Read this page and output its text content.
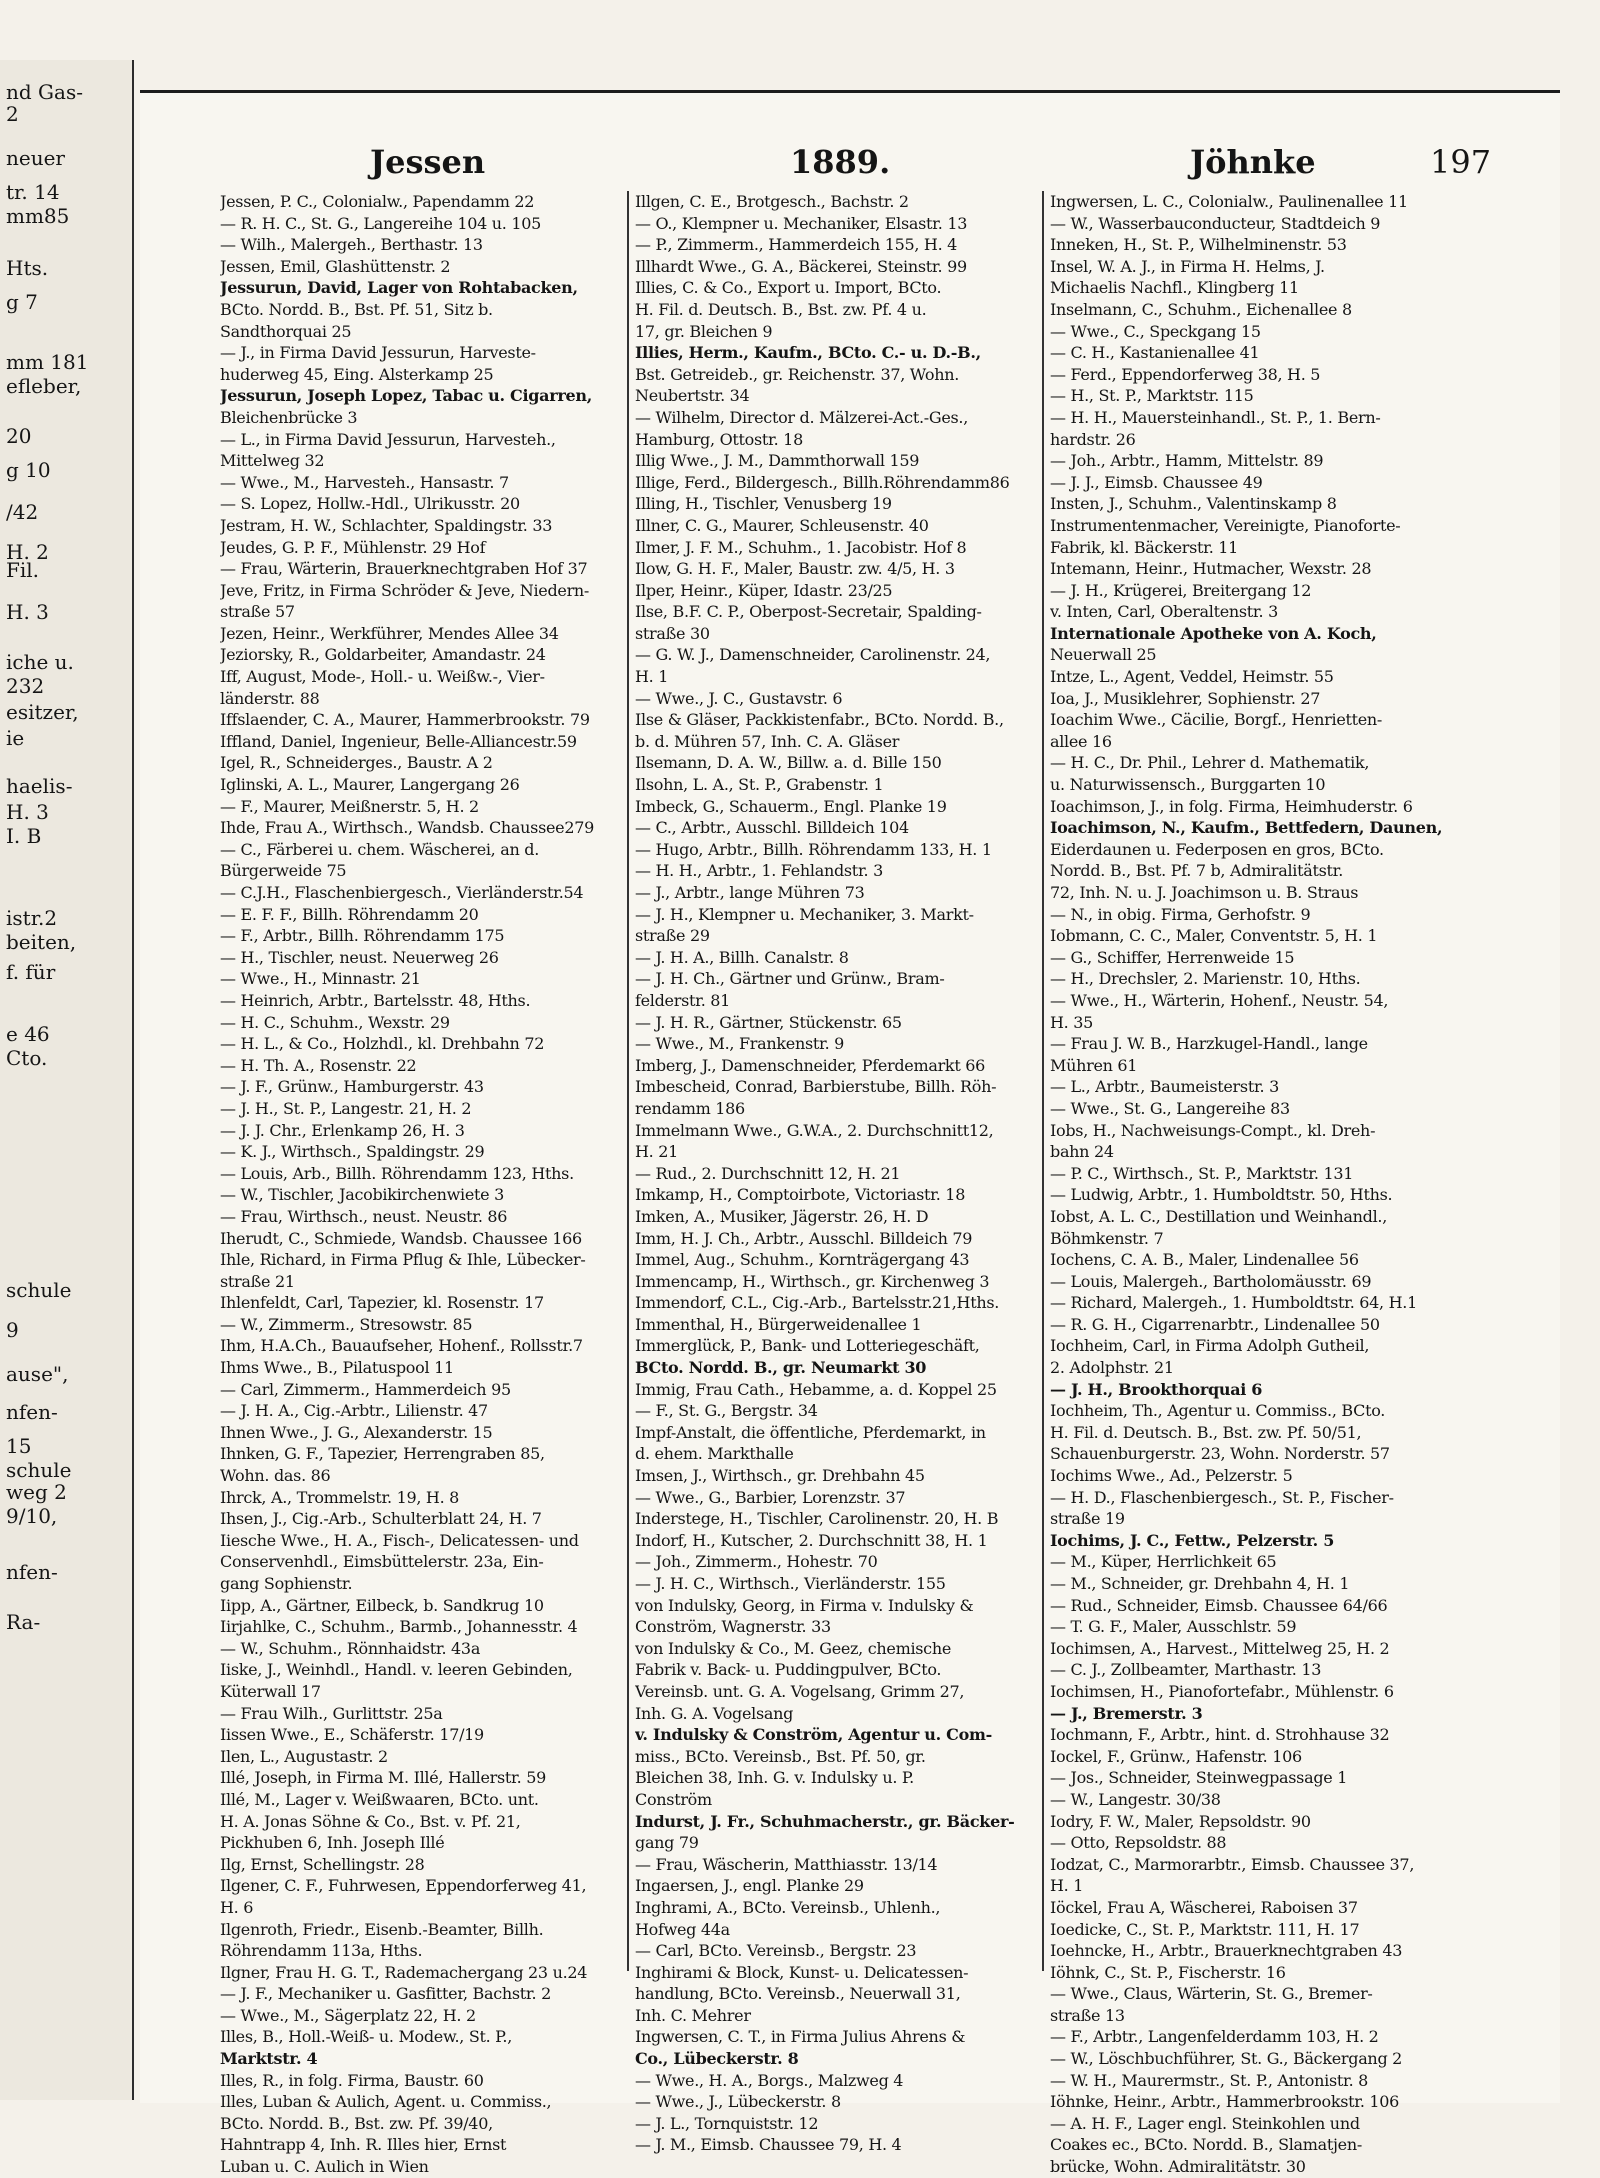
nd Gas-
2
neuer
tr. 14
mm85
Hts.
g 7
mm 181
efleber,
20
g 10
/42
H. 2
Fil.
H. 3
iche u.
232
esitzer,
ie
haelis-
H. 3
I. B
istr.2
beiten,
f. für
e 46
Cto.
schule
9
ause",
nfen-
15
schule
weg 2
9/10,
nfen-
Ra-
Jessen	1889.	Jöhnke	197

Jessen, P. C., Colonialw., Papendamm 22

— R. H. C., St. G., Langereihe 104 u. 105

— Wilh., Malergeh., Berthastr. 13

Jessen, Emil, Glashüttenstr. 2

Jessurun, David, Lager von Rohtabacken,

BCto. Nordd. B., Bst. Pf. 51, Sitz b.

Sandthorquai 25

— J., in Firma David Jessurun, Harveste-

huderweg 45, Eing. Alsterkamp 25

Jessurun, Joseph Lopez, Tabac u. Cigarren,

Bleichenbrücke 3

— L., in Firma David Jessurun, Harvesteh.,

Mittelweg 32

— Wwe., M., Harvesteh., Hansastr. 7

— S. Lopez, Hollw.-Hdl., Ulrikusstr. 20

Jestram, H. W., Schlachter, Spaldingstr. 33

Jeudes, G. P. F., Mühlenstr. 29 Hof

— Frau, Wärterin, Brauerknechtgraben Hof 37

Jeve, Fritz, in Firma Schröder & Jeve, Niedern-

straße 57

Jezen, Heinr., Werkführer, Mendes Allee 34

Jeziorsky, R., Goldarbeiter, Amandastr. 24

Iff, August, Mode-, Holl.- u. Weißw.-, Vier-

länderstr. 88

Iffslaender, C. A., Maurer, Hammerbrookstr. 79

Iffland, Daniel, Ingenieur, Belle-Alliancestr.59

Igel, R., Schneiderges., Baustr. A 2

Iglinski, A. L., Maurer, Langergang 26

— F., Maurer, Meißnerstr. 5, H. 2

Ihde, Frau A., Wirthsch., Wandsb. Chaussee279

— C., Färberei u. chem. Wäscherei, an d.

Bürgerweide 75

— C.J.H., Flaschenbiergesch., Vierländerstr.54

— E. F. F., Billh. Röhrendamm 20

— F., Arbtr., Billh. Röhrendamm 175

— H., Tischler, neust. Neuerweg 26

— Wwe., H., Minnastr. 21

— Heinrich, Arbtr., Bartelsstr. 48, Hths.

— H. C., Schuhm., Wexstr. 29

— H. L., & Co., Holzhdl., kl. Drehbahn 72

— H. Th. A., Rosenstr. 22

— J. F., Grünw., Hamburgerstr. 43

— J. H., St. P., Langestr. 21, H. 2

— J. J. Chr., Erlenkamp 26, H. 3

— K. J., Wirthsch., Spaldingstr. 29

— Louis, Arb., Billh. Röhrendamm 123, Hths.

— W., Tischler, Jacobikirchenwiete 3

— Frau, Wirthsch., neust. Neustr. 86

Iherudt, C., Schmiede, Wandsb. Chaussee 166

Ihle, Richard, in Firma Pflug & Ihle, Lübecker-

straße 21

Ihlenfeldt, Carl, Tapezier, kl. Rosenstr. 17

— W., Zimmerm., Stresowstr. 85

Ihm, H.A.Ch., Bauaufseher, Hohenf., Rollsstr.7

Ihms Wwe., B., Pilatuspool 11

— Carl, Zimmerm., Hammerdeich 95

— J. H. A., Cig.-Arbtr., Lilienstr. 47

Ihnen Wwe., J. G., Alexanderstr. 15

Ihnken, G. F., Tapezier, Herrengraben 85,

Wohn. das. 86

Ihrck, A., Trommelstr. 19, H. 8

Ihsen, J., Cig.-Arb., Schulterblatt 24, H. 7

Iiesche Wwe., H. A., Fisch-, Delicatessen- und

Conservenhdl., Eimsbüttelerstr. 23a, Ein-

gang Sophienstr.

Iipp, A., Gärtner, Eilbeck, b. Sandkrug 10

Iirjahlke, C., Schuhm., Barmb., Johannesstr. 4

— W., Schuhm., Rönnhaidstr. 43a

Iiske, J., Weinhdl., Handl. v. leeren Gebinden,

Küterwall 17

— Frau Wilh., Gurlittstr. 25a

Iissen Wwe., E., Schäferstr. 17/19

Ilen, L., Augustastr. 2

Illé, Joseph, in Firma M. Illé, Hallerstr. 59

Illé, M., Lager v. Weißwaaren, BCto. unt.

H. A. Jonas Söhne & Co., Bst. v. Pf. 21,

Pickhuben 6, Inh. Joseph Illé

Ilg, Ernst, Schellingstr. 28

Ilgener, C. F., Fuhrwesen, Eppendorferweg 41,

H. 6

Ilgenroth, Friedr., Eisenb.-Beamter, Billh.

Röhrendamm 113a, Hths.

Ilgner, Frau H. G. T., Rademachergang 23 u.24

— J. F., Mechaniker u. Gasfitter, Bachstr. 2

— Wwe., M., Sägerplatz 22, H. 2

Illes, B., Holl.-Weiß- u. Modew., St. P.,

Marktstr. 4

Illes, R., in folg. Firma, Baustr. 60

Illes, Luban & Aulich, Agent. u. Commiss.,

BCto. Nordd. B., Bst. zw. Pf. 39/40,

Hahntrapp 4, Inh. R. Illes hier, Ernst

Luban u. C. Aulich in Wien

Illgen, C. E., Brotgesch., Bachstr. 2

— O., Klempner u. Mechaniker, Elsastr. 13

— P., Zimmerm., Hammerdeich 155, H. 4

Illhardt Wwe., G. A., Bäckerei, Steinstr. 99

Illies, C. & Co., Export u. Import, BCto.

H. Fil. d. Deutsch. B., Bst. zw. Pf. 4 u.

17, gr. Bleichen 9

Illies, Herm., Kaufm., BCto. C.- u. D.-B.,

Bst. Getreideb., gr. Reichenstr. 37, Wohn.

Neubertstr. 34

— Wilhelm, Director d. Mälzerei-Act.-Ges.,

Hamburg, Ottostr. 18

Illig Wwe., J. M., Dammthorwall 159

Illige, Ferd., Bildergesch., Billh.Röhrendamm86

Illing, H., Tischler, Venusberg 19

Illner, C. G., Maurer, Schleusenstr. 40

Ilmer, J. F. M., Schuhm., 1. Jacobistr. Hof 8

Ilow, G. H. F., Maler, Baustr. zw. 4/5, H. 3

Ilper, Heinr., Küper, Idastr. 23/25

Ilse, B.F. C. P., Oberpost-Secretair, Spalding-

straße 30

— G. W. J., Damenschneider, Carolinenstr. 24,

H. 1

— Wwe., J. C., Gustavstr. 6

Ilse & Gläser, Packkistenfabr., BCto. Nordd. B.,

b. d. Mühren 57, Inh. C. A. Gläser

Ilsemann, D. A. W., Billw. a. d. Bille 150

Ilsohn, L. A., St. P., Grabenstr. 1

Imbeck, G., Schauerm., Engl. Planke 19

— C., Arbtr., Ausschl. Billdeich 104

— Hugo, Arbtr., Billh. Röhrendamm 133, H. 1

— H. H., Arbtr., 1. Fehlandstr. 3

— J., Arbtr., lange Mühren 73

— J. H., Klempner u. Mechaniker, 3. Markt-

straße 29

— J. H. A., Billh. Canalstr. 8

— J. H. Ch., Gärtner und Grünw., Bram-

felderstr. 81

— J. H. R., Gärtner, Stückenstr. 65

— Wwe., M., Frankenstr. 9

Imberg, J., Damenschneider, Pferdemarkt 66

Imbescheid, Conrad, Barbierstube, Billh. Röh-

rendamm 186

Immelmann Wwe., G.W.A., 2. Durchschnitt12,

H. 21

— Rud., 2. Durchschnitt 12, H. 21

Imkamp, H., Comptoirbote, Victoriastr. 18

Imken, A., Musiker, Jägerstr. 26, H. D

Imm, H. J. Ch., Arbtr., Ausschl. Billdeich 79

Immel, Aug., Schuhm., Kornträgergang 43

Immencamp, H., Wirthsch., gr. Kirchenweg 3

Immendorf, C.L., Cig.-Arb., Bartelsstr.21,Hths.

Immenthal, H., Bürgerweidenallee 1

Immerglück, P., Bank- und Lotteriegeschäft,

BCto. Nordd. B., gr. Neumarkt 30

Immig, Frau Cath., Hebamme, a. d. Koppel 25

— F., St. G., Bergstr. 34

Impf-Anstalt, die öffentliche, Pferdemarkt, in

d. ehem. Markthalle

Imsen, J., Wirthsch., gr. Drehbahn 45

— Wwe., G., Barbier, Lorenzstr. 37

Inderstege, H., Tischler, Carolinenstr. 20, H. B

Indorf, H., Kutscher, 2. Durchschnitt 38, H. 1

— Joh., Zimmerm., Hohestr. 70

— J. H. C., Wirthsch., Vierländerstr. 155

von Indulsky, Georg, in Firma v. Indulsky &

Conström, Wagnerstr. 33

von Indulsky & Co., M. Geez, chemische

Fabrik v. Back- u. Puddingpulver, BCto.

Vereinsb. unt. G. A. Vogelsang, Grimm 27,

Inh. G. A. Vogelsang

v. Indulsky & Conström, Agentur u. Com-

miss., BCto. Vereinsb., Bst. Pf. 50, gr.

Bleichen 38, Inh. G. v. Indulsky u. P.

Conström

Indurst, J. Fr., Schuhmacherstr., gr. Bäcker-

gang 79

— Frau, Wäscherin, Matthiasstr. 13/14

Ingaersen, J., engl. Planke 29

Inghrami, A., BCto. Vereinsb., Uhlenh.,

Hofweg 44a

— Carl, BCto. Vereinsb., Bergstr. 23

Inghirami & Block, Kunst- u. Delicatessen-

handlung, BCto. Vereinsb., Neuerwall 31,

Inh. C. Mehrer

Ingwersen, C. T., in Firma Julius Ahrens &

Co., Lübeckerstr. 8

— Wwe., H. A., Borgs., Malzweg 4

— Wwe., J., Lübeckerstr. 8

— J. L., Tornquiststr. 12

— J. M., Eimsb. Chaussee 79, H. 4

Ingwersen, L. C., Colonialw., Paulinenallee 11

— W., Wasserbauconducteur, Stadtdeich 9

Inneken, H., St. P., Wilhelminenstr. 53

Insel, W. A. J., in Firma H. Helms, J.

Michaelis Nachfl., Klingberg 11

Inselmann, C., Schuhm., Eichenallee 8

— Wwe., C., Speckgang 15

— C. H., Kastanienallee 41

— Ferd., Eppendorferweg 38, H. 5

— H., St. P., Marktstr. 115

— H. H., Mauersteinhandl., St. P., 1. Bern-

hardstr. 26

— Joh., Arbtr., Hamm, Mittelstr. 89

— J. J., Eimsb. Chaussee 49

Insten, J., Schuhm., Valentinskamp 8

Instrumentenmacher, Vereinigte, Pianoforte-

Fabrik, kl. Bäckerstr. 11

Intemann, Heinr., Hutmacher, Wexstr. 28

— J. H., Krügerei, Breitergang 12

v. Inten, Carl, Oberaltenstr. 3

Internationale Apotheke von A. Koch,

Neuerwall 25

Intze, L., Agent, Veddel, Heimstr. 55

Ioa, J., Musiklehrer, Sophienstr. 27

Ioachim Wwe., Cäcilie, Borgf., Henrietten-

allee 16

— H. C., Dr. Phil., Lehrer d. Mathematik,

u. Naturwissensch., Burggarten 10

Ioachimson, J., in folg. Firma, Heimhuderstr. 6

Ioachimson, N., Kaufm., Bettfedern, Daunen,

Eiderdaunen u. Federposen en gros, BCto.

Nordd. B., Bst. Pf. 7 b, Admiralitätstr.

72, Inh. N. u. J. Joachimson u. B. Straus

— N., in obig. Firma, Gerhofstr. 9

Iobmann, C. C., Maler, Conventstr. 5, H. 1

— G., Schiffer, Herrenweide 15

— H., Drechsler, 2. Marienstr. 10, Hths.

— Wwe., H., Wärterin, Hohenf., Neustr. 54,

H. 35

— Frau J. W. B., Harzkugel-Handl., lange

Mühren 61

— L., Arbtr., Baumeisterstr. 3

— Wwe., St. G., Langereihe 83

Iobs, H., Nachweisungs-Compt., kl. Dreh-

bahn 24

— P. C., Wirthsch., St. P., Marktstr. 131

— Ludwig, Arbtr., 1. Humboldtstr. 50, Hths.

Iobst, A. L. C., Destillation und Weinhandl.,

Böhmkenstr. 7

Iochens, C. A. B., Maler, Lindenallee 56

— Louis, Malergeh., Bartholomäusstr. 69

— Richard, Malergeh., 1. Humboldtstr. 64, H.1

— R. G. H., Cigarrenarbtr., Lindenallee 50

Iochheim, Carl, in Firma Adolph Gutheil,

2. Adolphstr. 21

— J. H., Brookthorquai 6

Iochheim, Th., Agentur u. Commiss., BCto.

H. Fil. d. Deutsch. B., Bst. zw. Pf. 50/51,

Schauenburgerstr. 23, Wohn. Norderstr. 57

Iochims Wwe., Ad., Pelzerstr. 5

— H. D., Flaschenbiergesch., St. P., Fischer-

straße 19

Iochims, J. C., Fettw., Pelzerstr. 5

— M., Küper, Herrlichkeit 65

— M., Schneider, gr. Drehbahn 4, H. 1

— Rud., Schneider, Eimsb. Chaussee 64/66

— T. G. F., Maler, Ausschlstr. 59

Iochimsen, A., Harvest., Mittelweg 25, H. 2

— C. J., Zollbeamter, Marthastr. 13

Iochimsen, H., Pianofortefabr., Mühlenstr. 6

— J., Bremerstr. 3

Iochmann, F., Arbtr., hint. d. Strohhause 32

Iockel, F., Grünw., Hafenstr. 106

— Jos., Schneider, Steinwegpassage 1

— W., Langestr. 30/38

Iodry, F. W., Maler, Repsoldstr. 90

— Otto, Repsoldstr. 88

Iodzat, C., Marmorarbtr., Eimsb. Chaussee 37,

H. 1

Iöckel, Frau A, Wäscherei, Raboisen 37

Ioedicke, C., St. P., Marktstr. 111, H. 17

Ioehncke, H., Arbtr., Brauerknechtgraben 43

Iöhnk, C., St. P., Fischerstr. 16

— Wwe., Claus, Wärterin, St. G., Bremer-

straße 13

— F., Arbtr., Langenfelderdamm 103, H. 2

— W., Löschbuchführer, St. G., Bäckergang 2

— W. H., Maurermstr., St. P., Antonistr. 8

Iöhnke, Heinr., Arbtr., Hammerbrookstr. 106

— A. H. F., Lager engl. Steinkohlen und

Coakes ec., BCto. Nordd. B., Slamatjen-

brücke, Wohn. Admiralitätstr. 30
